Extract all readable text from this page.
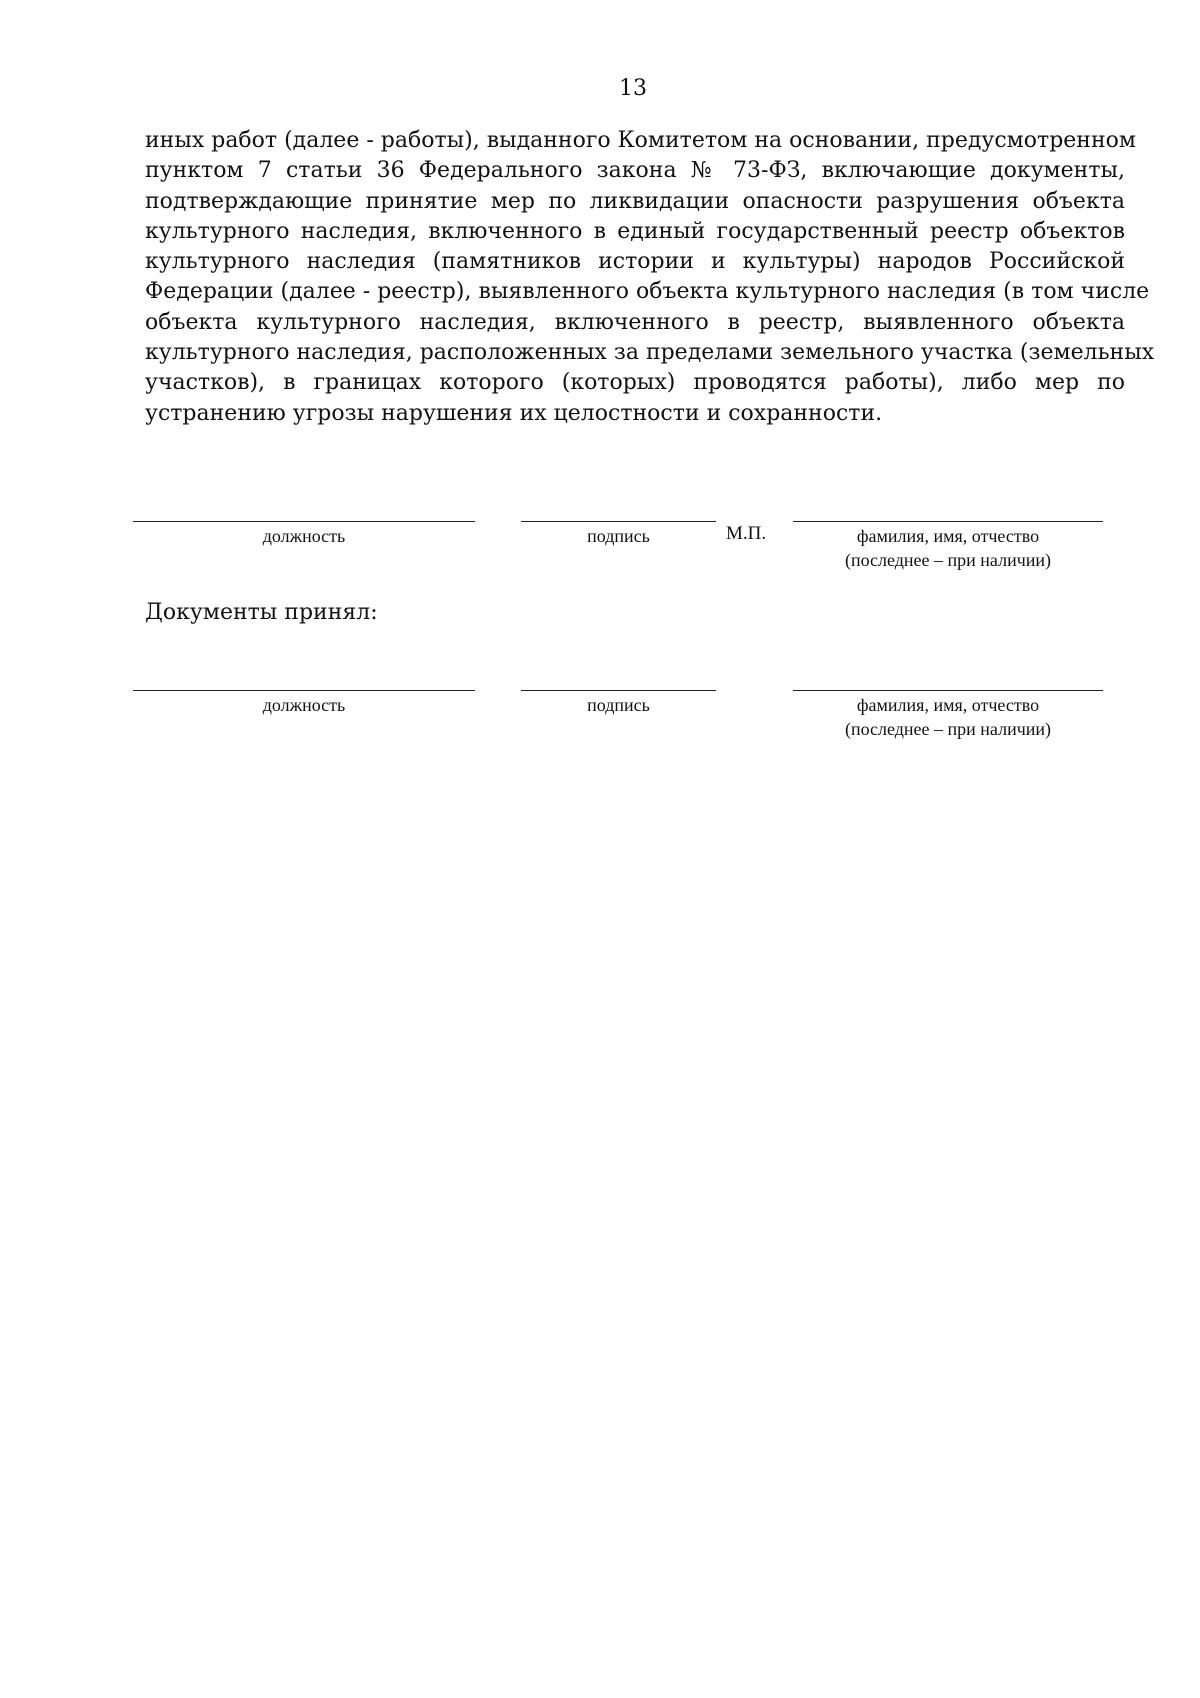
13
иных работ (далее - работы), выданного Комитетом на основании, предусмотренном
пунктом 7 статьи 36 Федерального закона № 73-ФЗ, включающие документы,
подтверждающие принятие мер по ликвидации опасности разрушения объекта
культурного наследия, включенного в единый государственный реестр объектов
культурного наследия (памятников истории и культуры) народов Российской
Федерации (далее - реестр), выявленного объекта культурного наследия (в том числе
объекта культурного наследия, включенного в реестр, выявленного объекта
культурного наследия, расположенных за пределами земельного участка (земельных
участков), в границах которого (которых) проводятся работы), либо мер по
устранению угрозы нарушения их целостности и сохранности.
должность	подпись	М.П.	фамилия, имя, отчество
(последнее – при наличии)
Документы принял:
должность	подпись	фамилия, имя, отчество
(последнее – при наличии)
